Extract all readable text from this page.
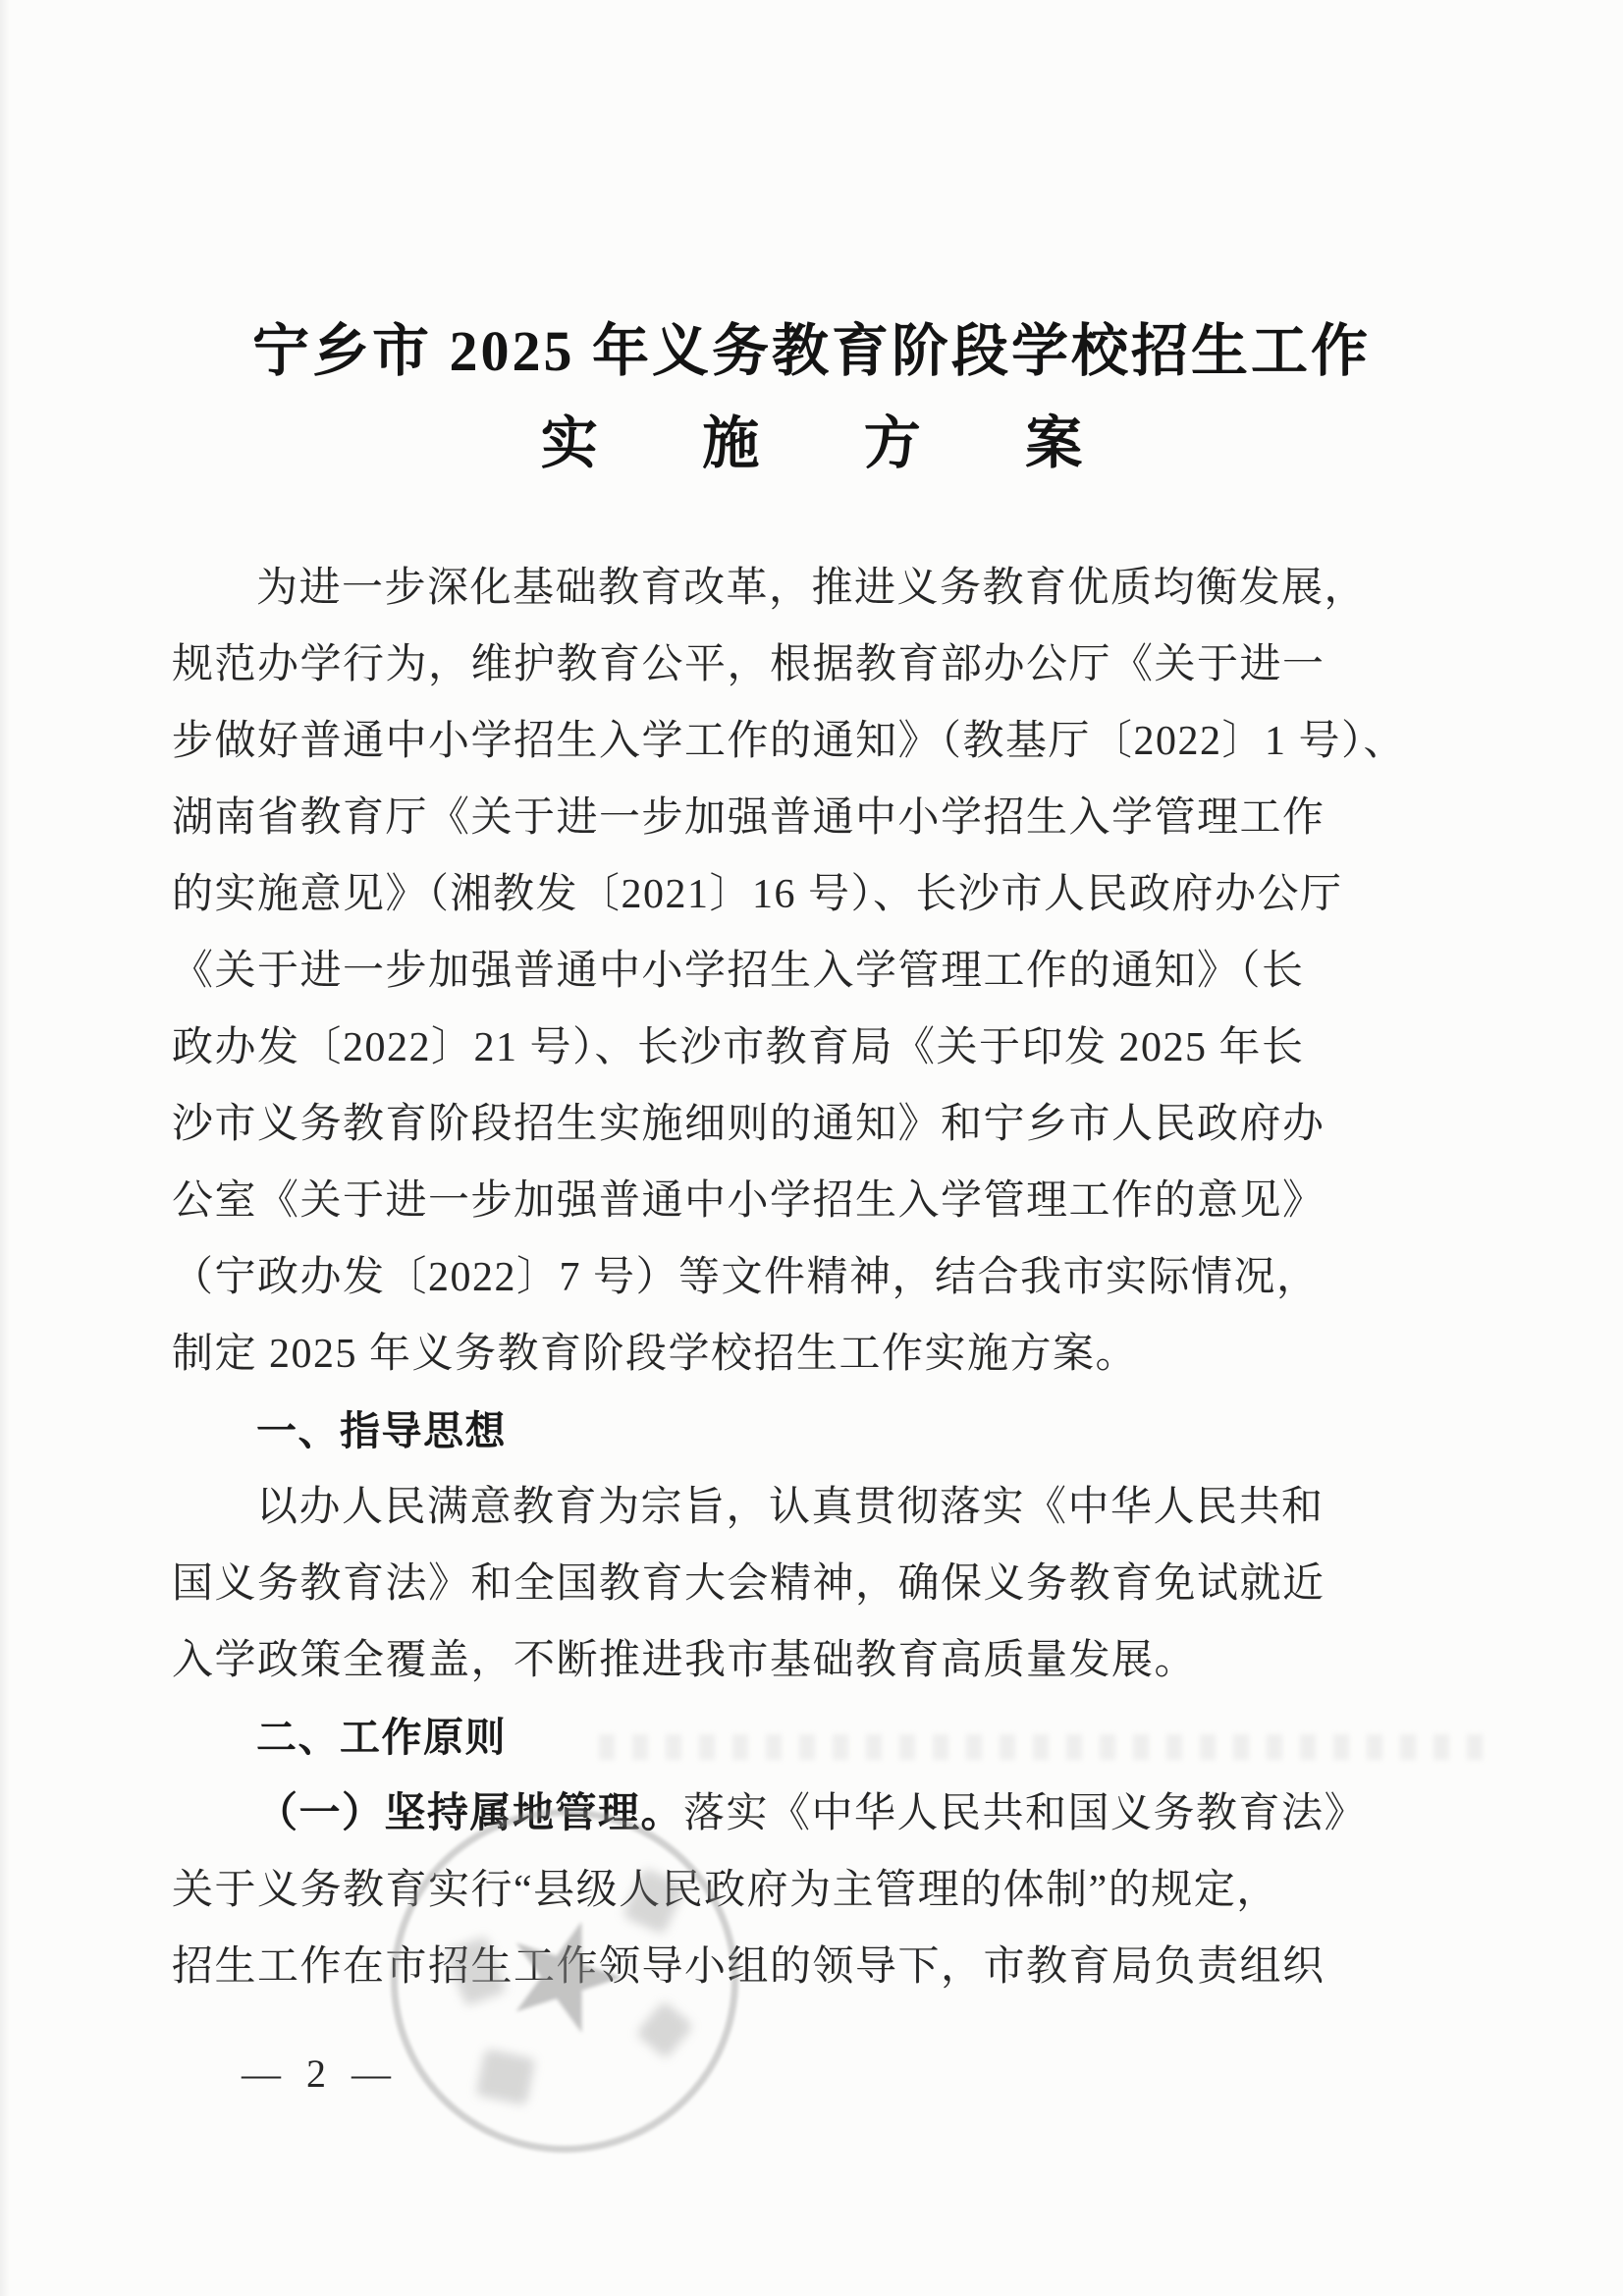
宁乡市 2025 年义务教育阶段学校招生工作
实 施 方 案
为进一步深化基础教育改革，推进义务教育优质均衡发展，
规范办学行为，维护教育公平，根据教育部办公厅《关于进一
步做好普通中小学招生入学工作的通知》（教基厅〔2022〕1 号）、
湖南省教育厅《关于进一步加强普通中小学招生入学管理工作
的实施意见》（湘教发〔2021〕16 号）、长沙市人民政府办公厅
《关于进一步加强普通中小学招生入学管理工作的通知》（长
政办发〔2022〕21 号）、长沙市教育局《关于印发 2025 年长
沙市义务教育阶段招生实施细则的通知》和宁乡市人民政府办
公室《关于进一步加强普通中小学招生入学管理工作的意见》
（宁政办发〔2022〕7 号）等文件精神，结合我市实际情况，
制定 2025 年义务教育阶段学校招生工作实施方案。
一、指导思想
以办人民满意教育为宗旨，认真贯彻落实《中华人民共和
国义务教育法》和全国教育大会精神，确保义务教育免试就近
入学政策全覆盖，不断推进我市基础教育高质量发展。
二、工作原则
（一）坚持属地管理。落实《中华人民共和国义务教育法》
关于义务教育实行“县级人民政府为主管理的体制”的规定，
招生工作在市招生工作领导小组的领导下，市教育局负责组织
★
— 2 —
